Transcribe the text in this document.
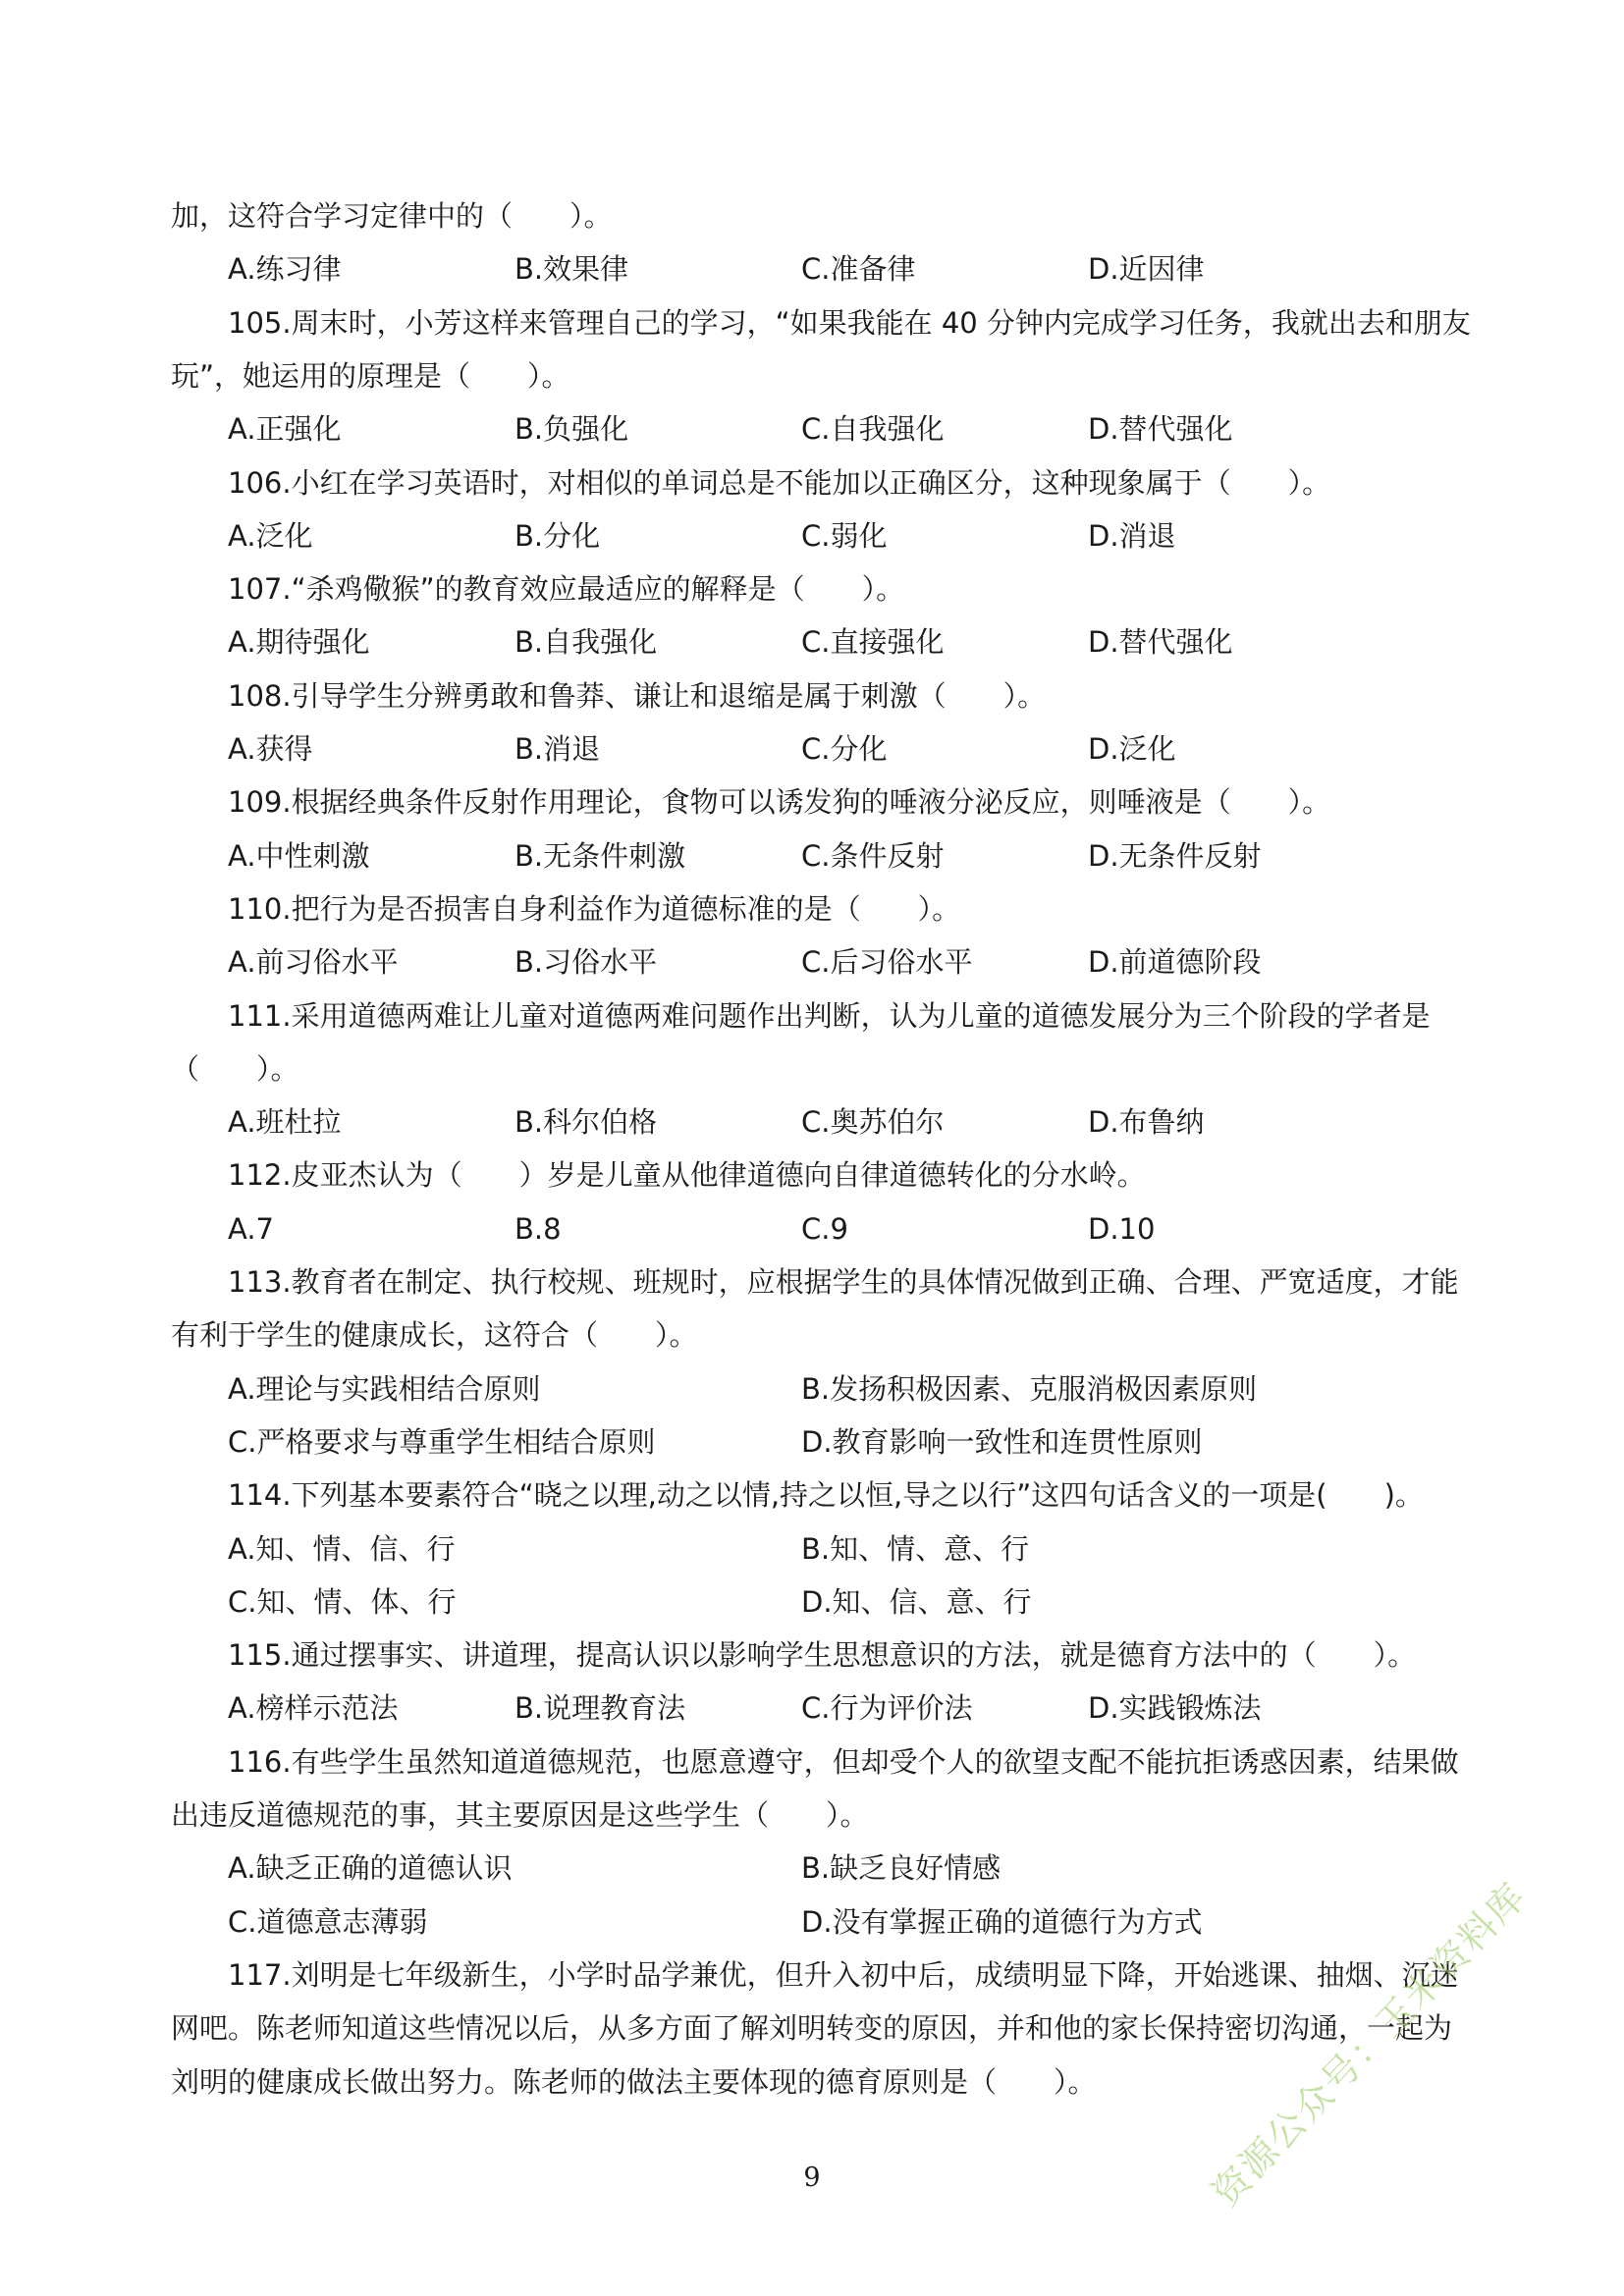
加，这符合学习定律中的（　　）。
A.练习律	B.效果律	C.准备律	D.近因律
105.周末时，小芳这样来管理自己的学习，“如果我能在 40 分钟内完成学习任务，我就出去和朋友
玩”，她运用的原理是（　　）。
A.正强化	B.负强化	C.自我强化	D.替代强化
106.小红在学习英语时，对相似的单词总是不能加以正确区分，这种现象属于（　　）。
A.泛化	B.分化	C.弱化	D.消退
107.“杀鸡儆猴”的教育效应最适应的解释是（　　）。
A.期待强化	B.自我强化	C.直接强化	D.替代强化
108.引导学生分辨勇敢和鲁莽、谦让和退缩是属于刺激（　　）。
A.获得	B.消退	C.分化	D.泛化
109.根据经典条件反射作用理论，食物可以诱发狗的唾液分泌反应，则唾液是（　　）。
A.中性刺激	B.无条件刺激	C.条件反射	D.无条件反射
110.把行为是否损害自身利益作为道德标准的是（　　）。
A.前习俗水平	B.习俗水平	C.后习俗水平	D.前道德阶段
111.采用道德两难让儿童对道德两难问题作出判断，认为儿童的道德发展分为三个阶段的学者是
（　　）。
A.班杜拉	B.科尔伯格	C.奥苏伯尔	D.布鲁纳
112.皮亚杰认为（　　）岁是儿童从他律道德向自律道德转化的分水岭。
A.7	B.8	C.9	D.10
113.教育者在制定、执行校规、班规时，应根据学生的具体情况做到正确、合理、严宽适度，才能
有利于学生的健康成长，这符合（　　）。
A.理论与实践相结合原则	B.发扬积极因素、克服消极因素原则
C.严格要求与尊重学生相结合原则	D.教育影响一致性和连贯性原则
114.下列基本要素符合“晓之以理,动之以情,持之以恒,导之以行”这四句话含义的一项是(　　)。
A.知、情、信、行	B.知、情、意、行
C.知、情、体、行	D.知、信、意、行
115.通过摆事实、讲道理，提高认识以影响学生思想意识的方法，就是德育方法中的（　　）。
A.榜样示范法	B.说理教育法	C.行为评价法	D.实践锻炼法
116.有些学生虽然知道道德规范，也愿意遵守，但却受个人的欲望支配不能抗拒诱惑因素，结果做
出违反道德规范的事，其主要原因是这些学生（　　）。
A.缺乏正确的道德认识	B.缺乏良好情感
C.道德意志薄弱	D.没有掌握正确的道德行为方式
117.刘明是七年级新生，小学时品学兼优，但升入初中后，成绩明显下降，开始逃课、抽烟、沉迷
网吧。陈老师知道这些情况以后，从多方面了解刘明转变的原因，并和他的家长保持密切沟通，一起为
刘明的健康成长做出努力。陈老师的做法主要体现的德育原则是（　　）。
9	资源公众号：玉米资料库
